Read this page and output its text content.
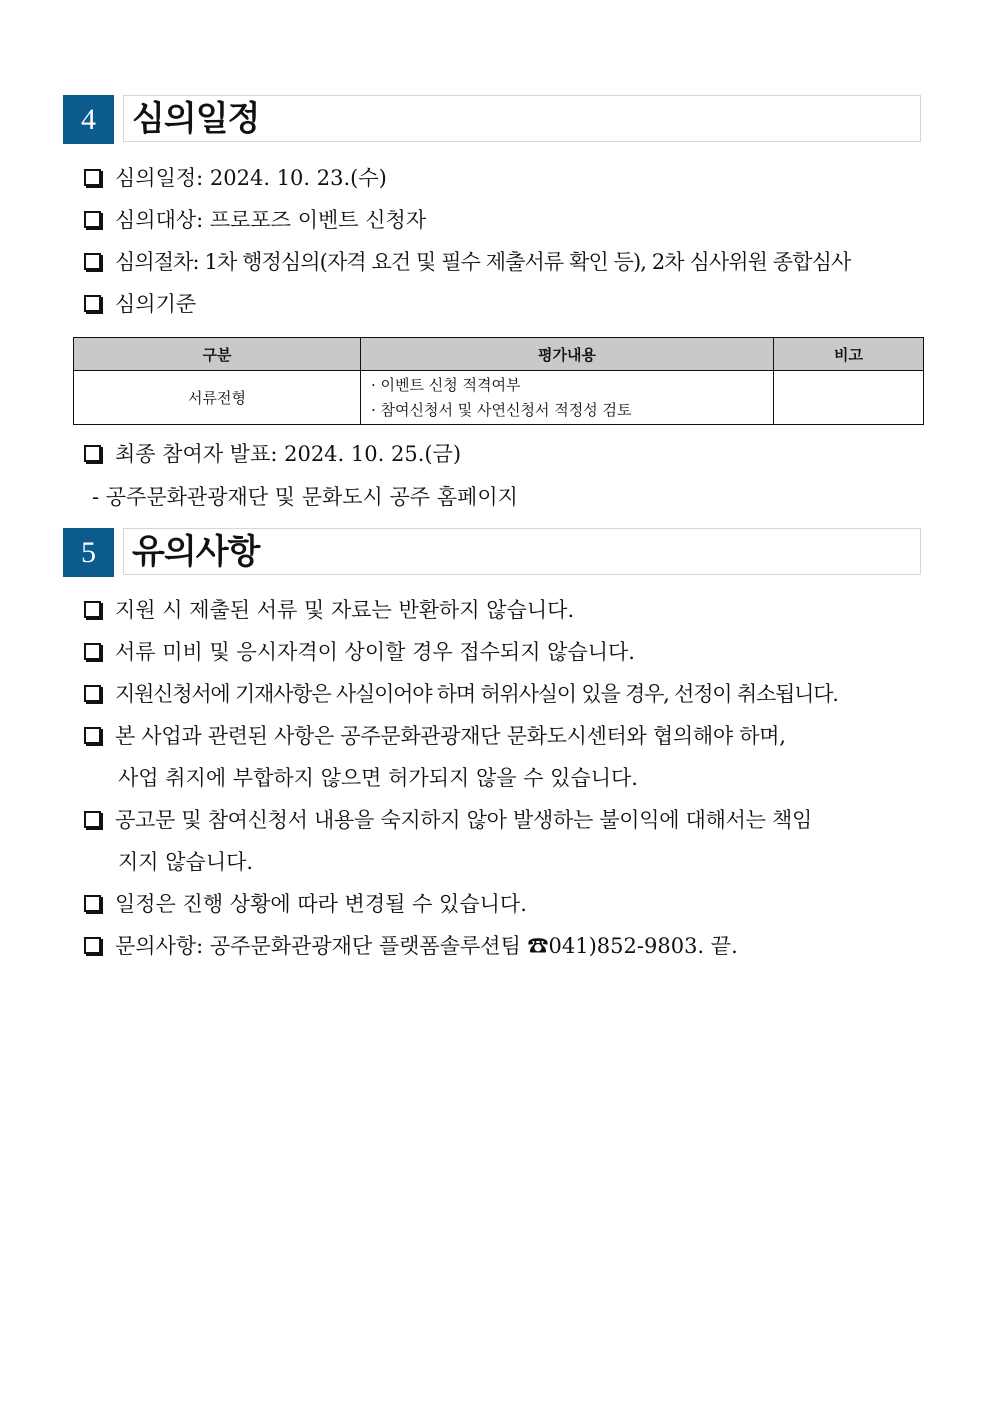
4	심의일정
심의일정: 2024. 10. 23.(수)
심의대상: 프로포즈 이벤트 신청자
심의절차: 1차 행정심의(자격 요건 및 필수 제출서류 확인 등), 2차 심사위원 종합심사
심의기준
구분	평가내용	비고
서류전형	· 이벤트 신청 적격여부
· 참여신청서 및 사연신청서 적정성 검토	

최종 참여자 발표: 2024. 10. 25.(금)
- 공주문화관광재단 및 문화도시 공주 홈페이지
5	유의사항
지원 시 제출된 서류 및 자료는 반환하지 않습니다.
서류 미비 및 응시자격이 상이할 경우 접수되지 않습니다.
지원신청서에 기재사항은 사실이어야 하며 허위사실이 있을 경우, 선정이 취소됩니다.
본 사업과 관련된 사항은 공주문화관광재단 문화도시센터와 협의해야 하며,
사업 취지에 부합하지 않으면 허가되지 않을 수 있습니다.
공고문 및 참여신청서 내용을 숙지하지 않아 발생하는 불이익에 대해서는 책임
지지 않습니다.
일정은 진행 상황에 따라 변경될 수 있습니다.
문의사항: 공주문화관광재단 플랫폼솔루션팀 ☎041)852-9803. 끝.
